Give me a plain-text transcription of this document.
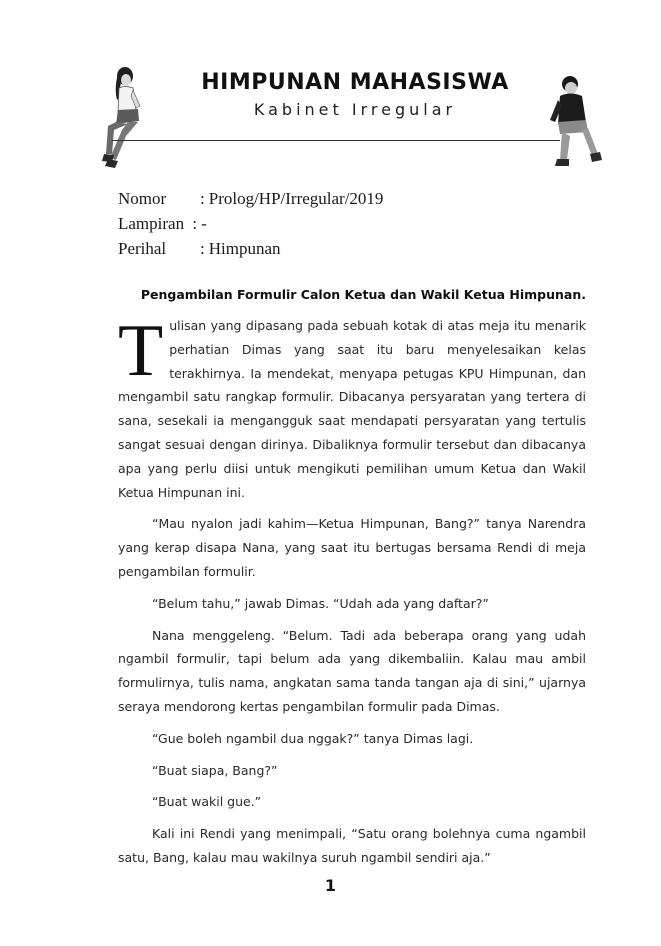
HIMPUNAN MAHASISWA
Kabinet Irregular
Nomor : Prolog/HP/Irregular/2019
Lampiran : -
Perihal : Himpunan

Pengambilan Formulir Calon Ketua dan Wakil Ketua Himpunan.

Tulisan yang dipasang pada sebuah kotak di atas meja itu menarik perhatian Dimas yang saat itu baru menyelesaikan kelas terakhirnya. Ia mendekat, menyapa petugas KPU Himpunan, dan mengambil satu rangkap formulir. Dibacanya persyaratan yang tertera di sana, sesekali ia mengangguk saat mendapati persyaratan yang tertulis sangat sesuai dengan dirinya. Dibaliknya formulir tersebut dan dibacanya apa yang perlu diisi untuk mengikuti pemilihan umum Ketua dan Wakil Ketua Himpunan ini.

“Mau nyalon jadi kahim—Ketua Himpunan, Bang?” tanya Narendra yang kerap disapa Nana, yang saat itu bertugas bersama Rendi di meja pengambilan formulir.

“Belum tahu,” jawab Dimas. “Udah ada yang daftar?”

Nana menggeleng. “Belum. Tadi ada beberapa orang yang udah ngambil formulir, tapi belum ada yang dikembaliin. Kalau mau ambil formulirnya, tulis nama, angkatan sama tanda tangan aja di sini,” ujarnya seraya mendorong kertas pengambilan formulir pada Dimas.

“Gue boleh ngambil dua nggak?” tanya Dimas lagi.

“Buat siapa, Bang?”

“Buat wakil gue.”

Kali ini Rendi yang menimpali, “Satu orang bolehnya cuma ngambil satu, Bang, kalau mau wakilnya suruh ngambil sendiri aja.”

1
